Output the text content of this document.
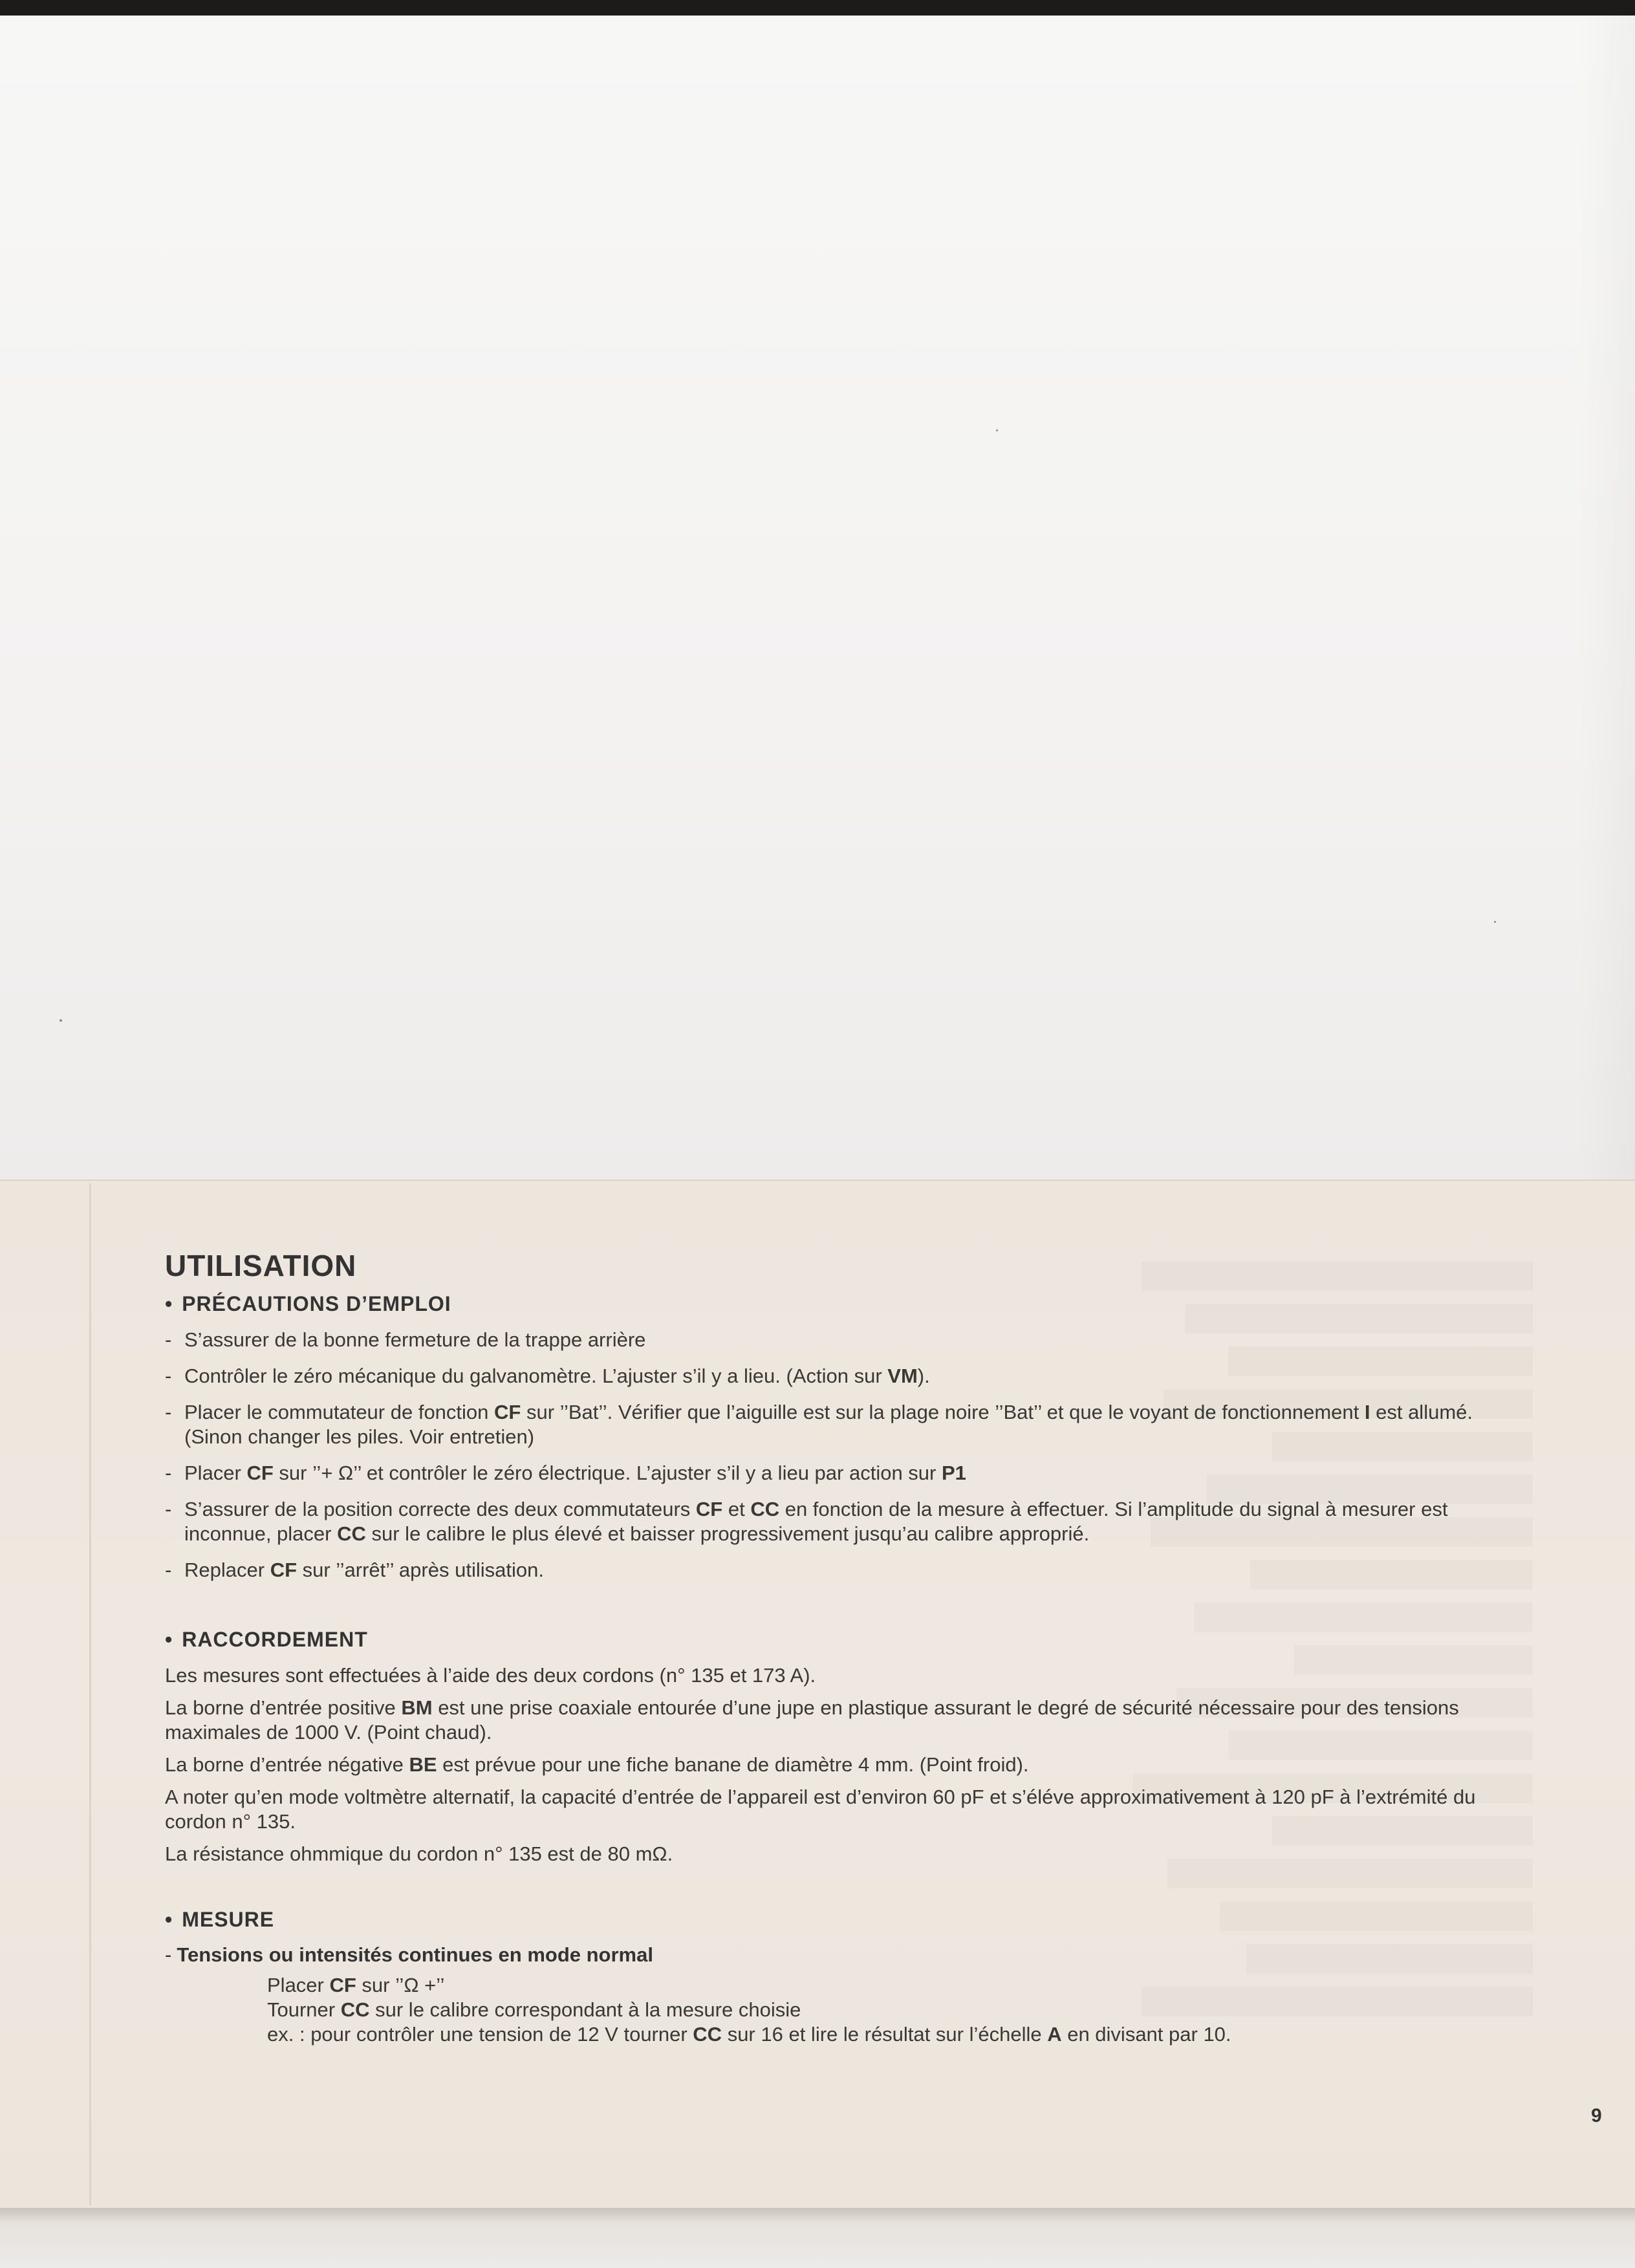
UTILISATION
• PRÉCAUTIONS D’EMPLOI
- S’assurer de la bonne fermeture de la trappe arrière
- Contrôler le zéro mécanique du galvanomètre. L’ajuster s’il y a lieu. (Action sur VM).
- Placer le commutateur de fonction CF sur ’’Bat’’. Vérifier que l’aiguille est sur la plage noire ’’Bat’’ et que le voyant de fonctionnement I est allumé. (Sinon changer les piles. Voir entretien)
- Placer CF sur ’’+ Ω’’ et contrôler le zéro électrique. L’ajuster s’il y a lieu par action sur P1
- S’assurer de la position correcte des deux commutateurs CF et CC en fonction de la mesure à effectuer. Si l’amplitude du signal à mesurer est inconnue, placer CC sur le calibre le plus élevé et baisser progressivement jusqu’au calibre approprié.
- Replacer CF sur ’’arrêt’’ après utilisation.
• RACCORDEMENT

Les mesures sont effectuées à l’aide des deux cordons (n° 135 et 173 A).

La borne d’entrée positive BM est une prise coaxiale entourée d’une jupe en plastique assurant le degré de sécurité nécessaire pour des tensions maximales de 1000 V. (Point chaud).

La borne d’entrée négative BE est prévue pour une fiche banane de diamètre 4 mm. (Point froid).

A noter qu’en mode voltmètre alternatif, la capacité d’entrée de l’appareil est d’environ 60 pF et s’éléve approximativement à 120 pF à l’extrémité du cordon n° 135.

La résistance ohmmique du cordon n° 135 est de 80 mΩ.

• MESURE
- Tensions ou intensités continues en mode normal
Placer CF sur ’’Ω +’’
Tourner CC sur le calibre correspondant à la mesure choisie
ex. : pour contrôler une tension de 12 V tourner CC sur 16 et lire le résultat sur l’échelle A en divisant par 10.
9
